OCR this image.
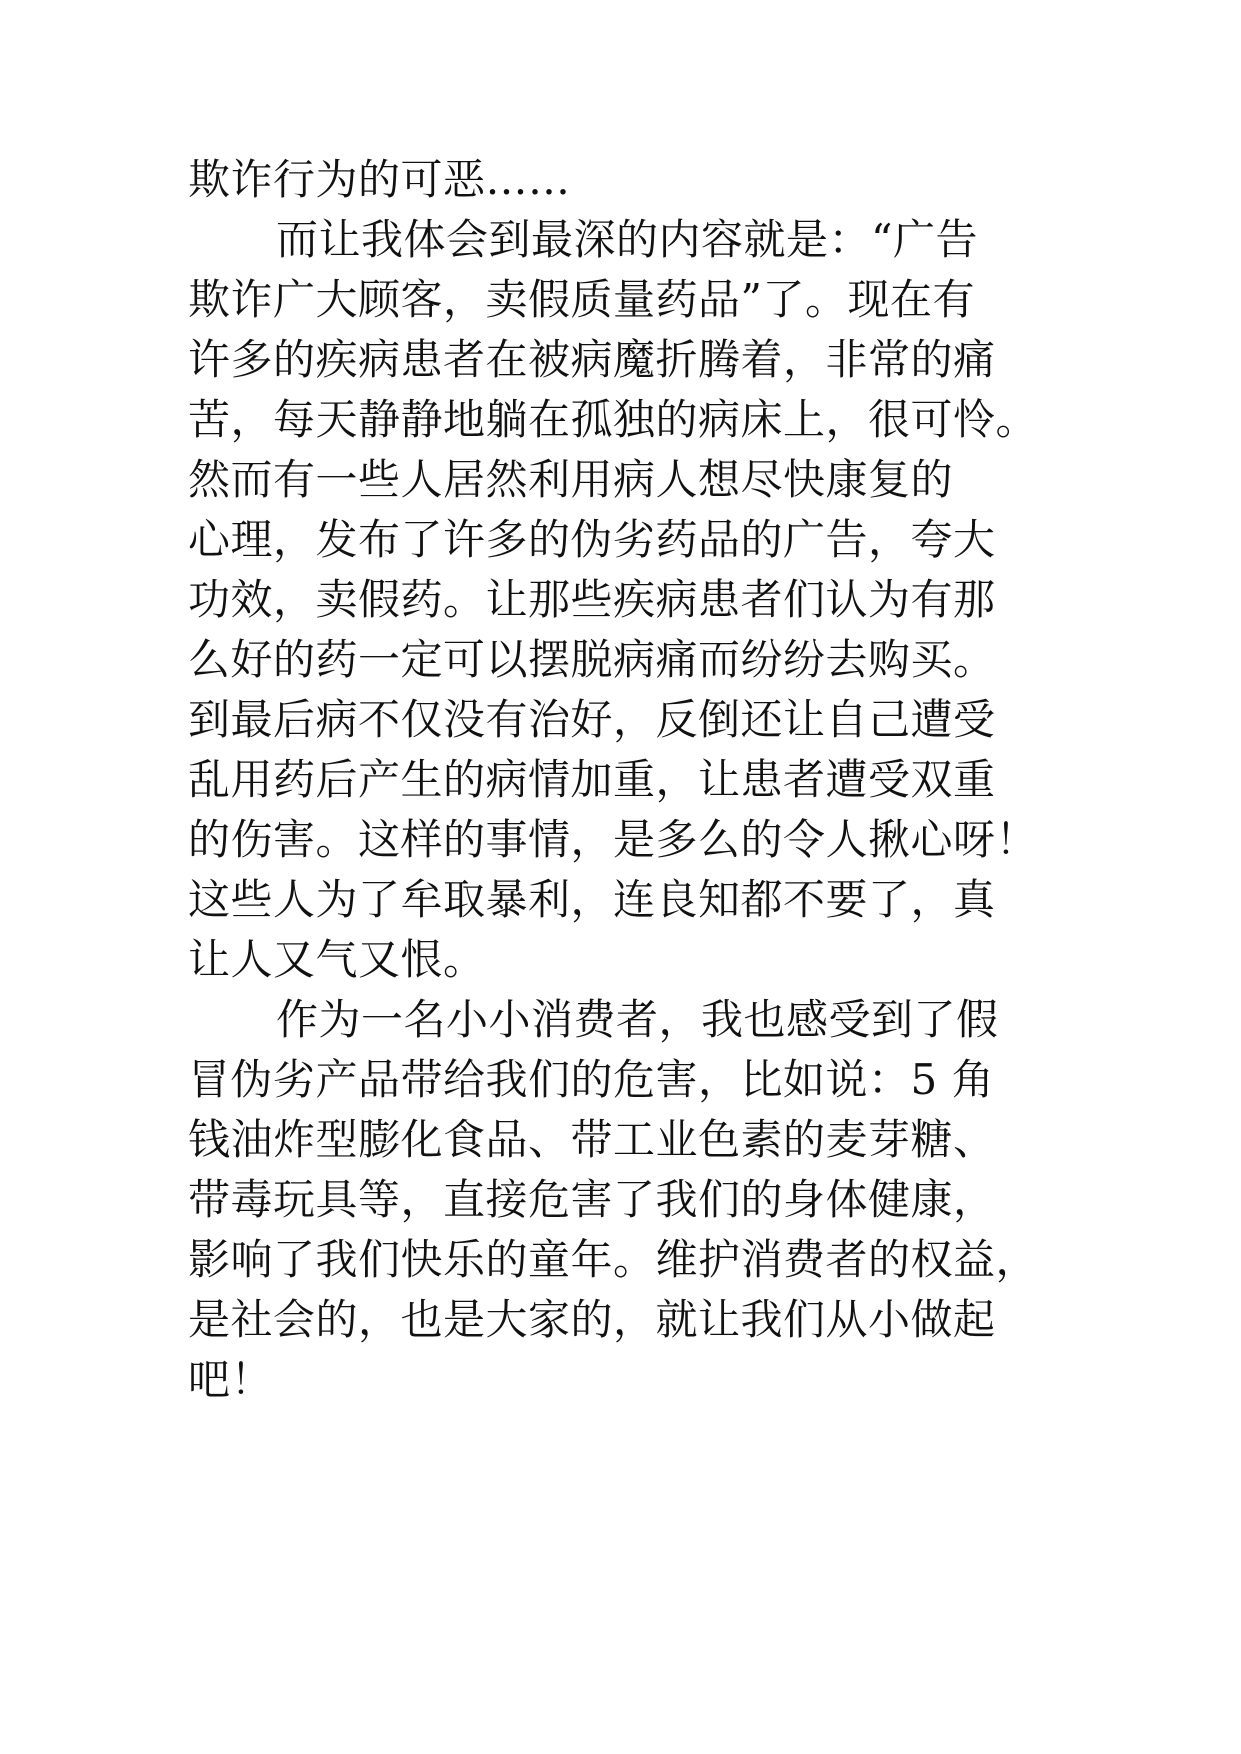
欺诈行为的可恶……

而让我体会到最深的内容就是：“广告

欺诈广大顾客，卖假质量药品”了。现在有

许多的疾病患者在被病魔折腾着，非常的痛

苦，每天静静地躺在孤独的病床上，很可怜。

然而有一些人居然利用病人想尽快康复的

心理，发布了许多的伪劣药品的广告，夸大

功效，卖假药。让那些疾病患者们认为有那

么好的药一定可以摆脱病痛而纷纷去购买。

到最后病不仅没有治好，反倒还让自己遭受

乱用药后产生的病情加重，让患者遭受双重

的伤害。这样的事情，是多么的令人揪心呀！

这些人为了牟取暴利，连良知都不要了，真

让人又气又恨。

作为一名小小消费者，我也感受到了假

冒伪劣产品带给我们的危害，比如说：5 角

钱油炸型膨化食品、带工业色素的麦芽糖、

带毒玩具等，直接危害了我们的身体健康，

影响了我们快乐的童年。维护消费者的权益，

是社会的，也是大家的，就让我们从小做起

吧！
